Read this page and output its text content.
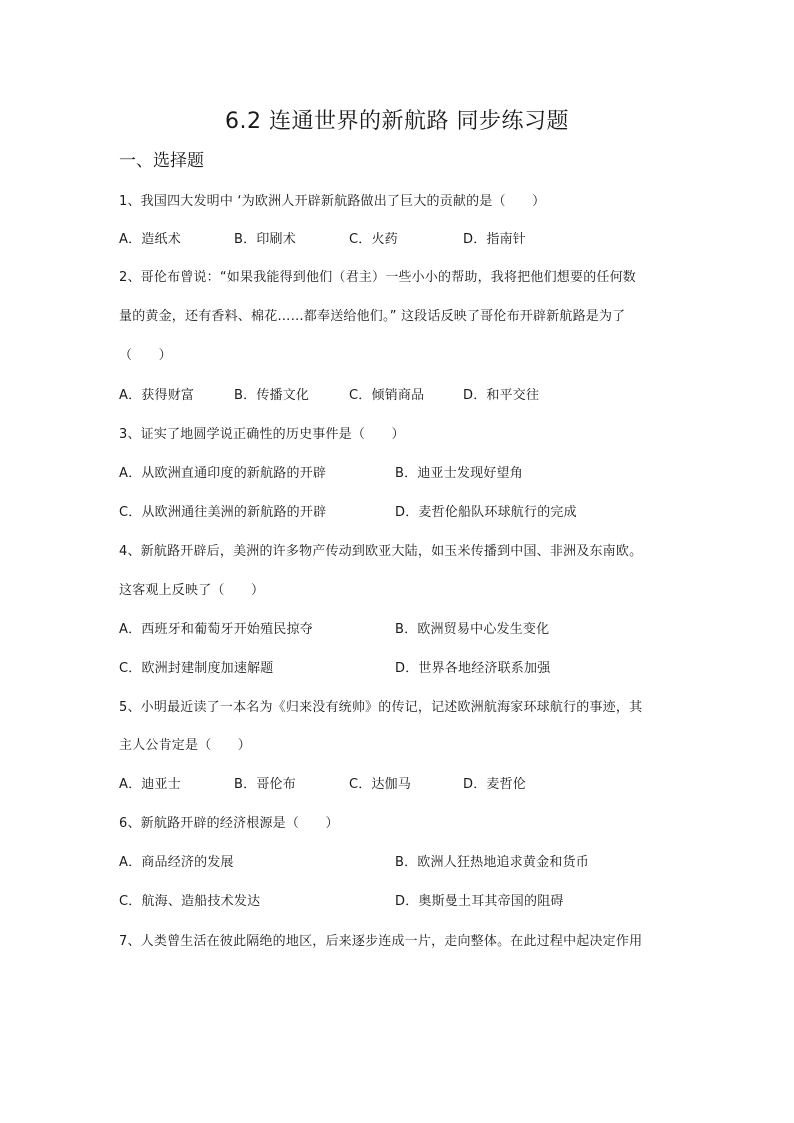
6.2 连通世界的新航路 同步练习题
一、选择题
1、我国四大发明中 ‘为欧洲人开辟新航路做出了巨大的贡献的是（　　）
A．造纸术	B．印刷术	C．火药	D．指南针
2、哥伦布曾说：“如果我能得到他们（君主）一些小小的帮助，我将把他们想要的任何数
量的黄金，还有香料、棉花……都奉送给他们。” 这段话反映了哥伦布开辟新航路是为了
（　　）
A．获得财富	B．传播文化	C．倾销商品	D．和平交往
3、证实了地圆学说正确性的历史事件是（　　）
A．从欧洲直通印度的新航路的开辟	B．迪亚士发现好望角
C．从欧洲通往美洲的新航路的开辟	D．麦哲伦船队环球航行的完成
4、新航路开辟后，美洲的许多物产传动到欧亚大陆，如玉米传播到中国、非洲及东南欧。
这客观上反映了（　　）
A．西班牙和葡萄牙开始殖民掠夺	B．欧洲贸易中心发生变化
C．欧洲封建制度加速解题	D．世界各地经济联系加强
5、小明最近读了一本名为《归来没有统帅》的传记，记述欧洲航海家环球航行的事迹，其
主人公肯定是（　　）
A．迪亚士	B．哥伦布	C．达伽马	D．麦哲伦
6、新航路开辟的经济根源是（　　）
A．商品经济的发展	B．欧洲人狂热地追求黄金和货币
C．航海、造船技术发达	D．奥斯曼土耳其帝国的阻碍
7、人类曾生活在彼此隔绝的地区，后来逐步连成一片，走向整体。在此过程中起决定作用
